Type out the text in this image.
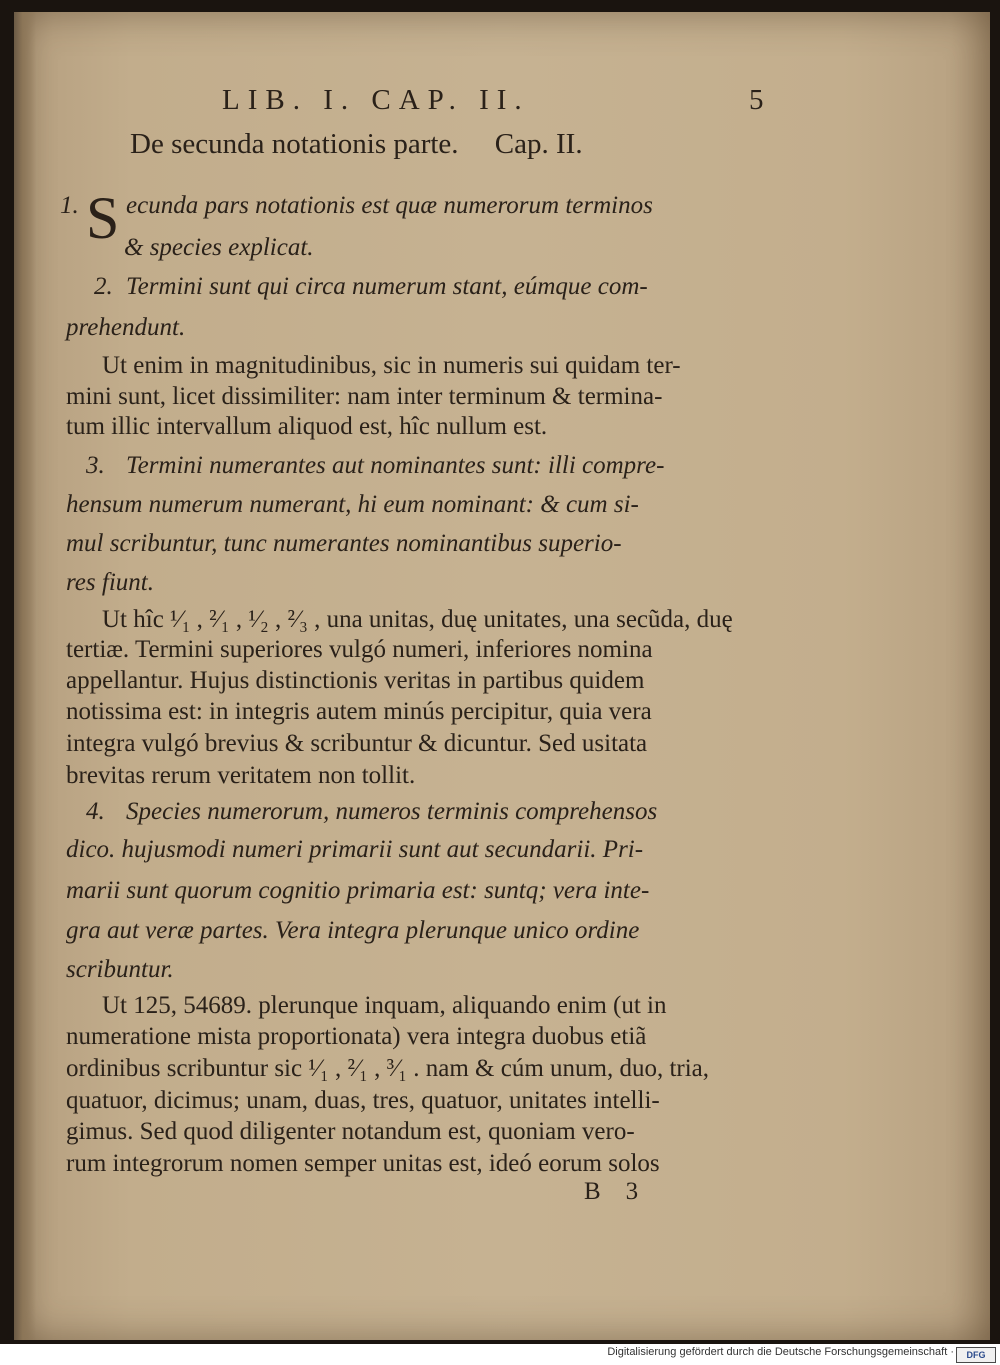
LIB. I. CAP. II.	5
De secunda notationis parte.     Cap. II.
1. S ecunda pars notationis est quæ numerorum terminos
& species explicat.
2. Termini sunt qui circa numerum stant, eúmque com-
prehendunt.
Ut enim in magnitudinibus, sic in numeris sui quidam ter-
mini sunt, licet dissimiliter: nam inter terminum & termina-
tum illic intervallum aliquod est, hîc nullum est.
3. Termini numerantes aut nominantes sunt: illi compre-
hensum numerum numerant, hi eum nominant: & cum si-
mul scribuntur, tunc numerantes nominantibus superio-
res fiunt.
Ut hîc ¹⁄₁ , ²⁄₁ , ¹⁄₂ , ²⁄₃ , una unitas, duę unitates, una secũda, duę
tertiæ. Termini superiores vulgó numeri, inferiores nomina
appellantur. Hujus distinctionis veritas in partibus quidem
notissima est: in integris autem minús percipitur, quia vera
integra vulgó brevius & scribuntur & dicuntur. Sed usitata
brevitas rerum veritatem non tollit.
4. Species numerorum, numeros terminis comprehensos
dico. hujusmodi numeri primarii sunt aut secundarii. Pri-
marii sunt quorum cognitio primaria est: suntq; vera inte-
gra aut veræ partes. Vera integra plerunque unico ordine
scribuntur.
Ut 125, 54689. plerunque inquam, aliquando enim (ut in
numeratione mista proportionata) vera integra duobus etiã
ordinibus scribuntur sic ¹⁄₁ , ²⁄₁ , ³⁄₁ . nam & cúm unum, duo, tria,
quatuor, dicimus; unam, duas, tres, quatuor, unitates intelli-
gimus. Sed quod diligenter notandum est, quoniam vero-
rum integrorum nomen semper unitas est, ideó eorum solos
B    3
Digitalisierung gefördert durch die Deutsche Forschungsgemeinschaft ·	DFG
